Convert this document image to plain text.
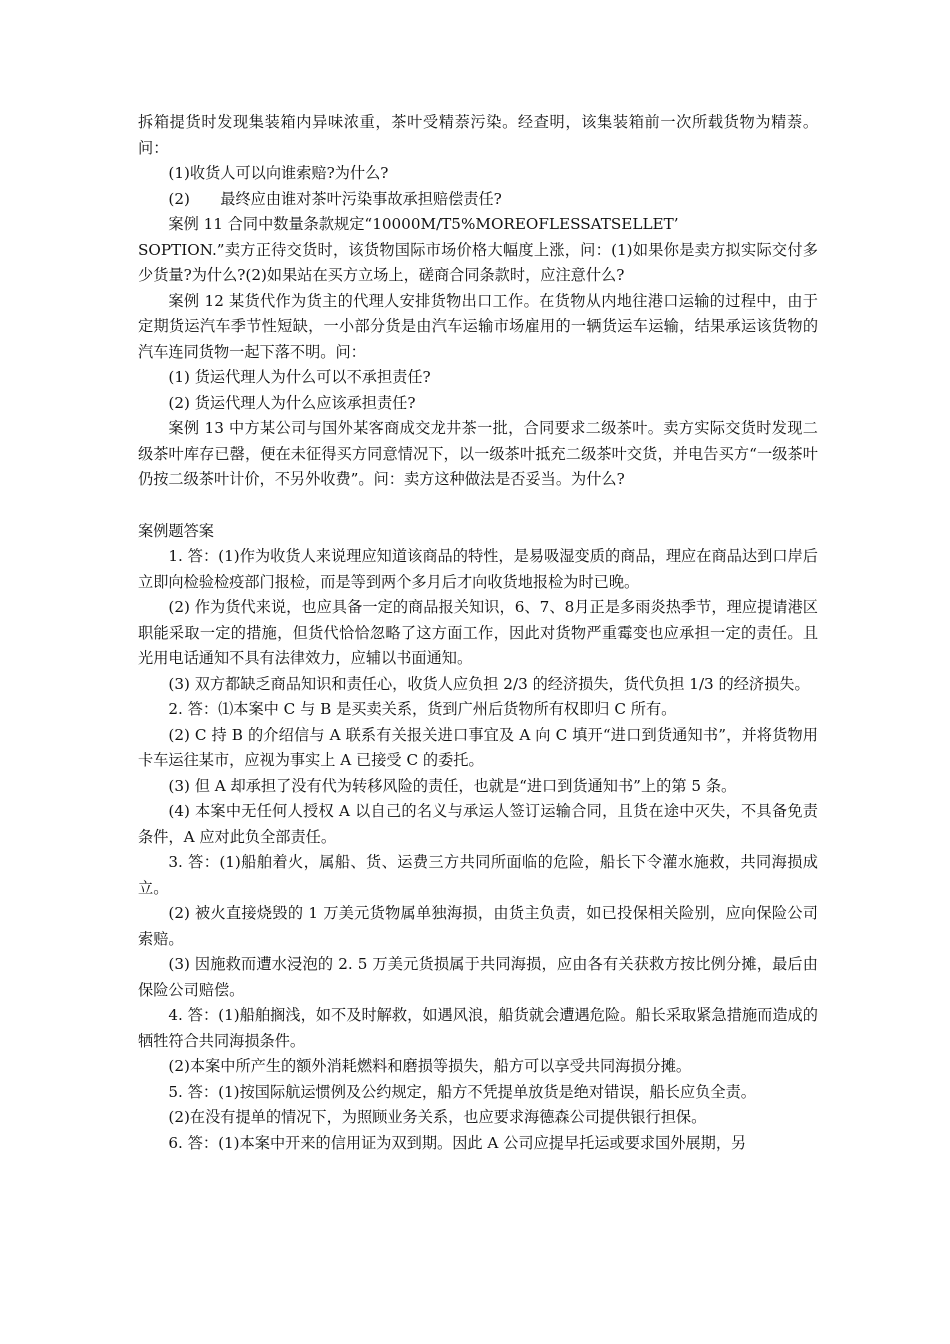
拆箱提货时发现集装箱内异味浓重，茶叶受精萘污染。经查明，该集装箱前一次所载货物为精萘。问：

(1)收货人可以向谁索赔?为什么?

(2)　　最终应由谁对茶叶污染事故承担赔偿责任?

案例 11 合同中数量条款规定“10000M/T5%MOREOFLESSATSELLET’

SOPTION.”卖方正待交货时，该货物国际市场价格大幅度上涨，问：(1)如果你是卖方拟实际交付多少货量?为什么?(2)如果站在买方立场上，磋商合同条款时，应注意什么?

案例 12 某货代作为货主的代理人安排货物出口工作。在货物从内地往港口运输的过程中，由于定期货运汽车季节性短缺，一小部分货是由汽车运输市场雇用的一辆货运车运输，结果承运该货物的汽车连同货物一起下落不明。问：

(1) 货运代理人为什么可以不承担责任?

(2) 货运代理人为什么应该承担责任?

案例 13 中方某公司与国外某客商成交龙井茶一批，合同要求二级茶叶。卖方实际交货时发现二级茶叶库存已罄，便在未征得买方同意情况下，以一级茶叶抵充二级茶叶交货，并电告买方“一级茶叶仍按二级茶叶计价，不另外收费”。问：卖方这种做法是否妥当。为什么?

案例题答案

1. 答：(1)作为收货人来说理应知道该商品的特性，是易吸湿变质的商品，理应在商品达到口岸后立即向检验检疫部门报检，而是等到两个多月后才向收货地报检为时已晚。

(2) 作为货代来说，也应具备一定的商品报关知识，6、7、8月正是多雨炎热季节，理应提请港区职能采取一定的措施，但货代恰恰忽略了这方面工作，因此对货物严重霉变也应承担一定的责任。且光用电话通知不具有法律效力，应辅以书面通知。

(3) 双方都缺乏商品知识和责任心，收货人应负担 2/3 的经济损失，货代负担 1/3 的经济损失。

2. 答：⑴本案中 C 与 B 是买卖关系，货到广州后货物所有权即归 C 所有。

(2) C 持 B 的介绍信与 A 联系有关报关进口事宜及 A 向 C 填开“进口到货通知书”，并将货物用卡车运往某市，应视为事实上 A 已接受 C 的委托。

(3) 但 A 却承担了没有代为转移风险的责任，也就是“进口到货通知书”上的第 5 条。

(4) 本案中无任何人授权 A 以自己的名义与承运人签订运输合同，且货在途中灭失，不具备免责条件，A 应对此负全部责任。

3. 答：(1)船舶着火，属船、货、运费三方共同所面临的危险，船长下令灌水施救，共同海损成立。

(2) 被火直接烧毁的 1 万美元货物属单独海损，由货主负责，如已投保相关险别，应向保险公司索赔。

(3) 因施救而遭水浸泡的 2. 5 万美元货损属于共同海损，应由各有关获救方按比例分摊，最后由保险公司赔偿。

4. 答：(1)船舶搁浅，如不及时解救，如遇风浪，船货就会遭遇危险。船长采取紧急措施而造成的牺牲符合共同海损条件。

(2)本案中所产生的额外消耗燃料和磨损等损失，船方可以享受共同海损分摊。

5. 答：(1)按国际航运惯例及公约规定，船方不凭提单放货是绝对错误，船长应负全责。

(2)在没有提单的情况下，为照顾业务关系，也应要求海德森公司提供银行担保。

6. 答：(1)本案中开来的信用证为双到期。因此 A 公司应提早托运或要求国外展期，另
